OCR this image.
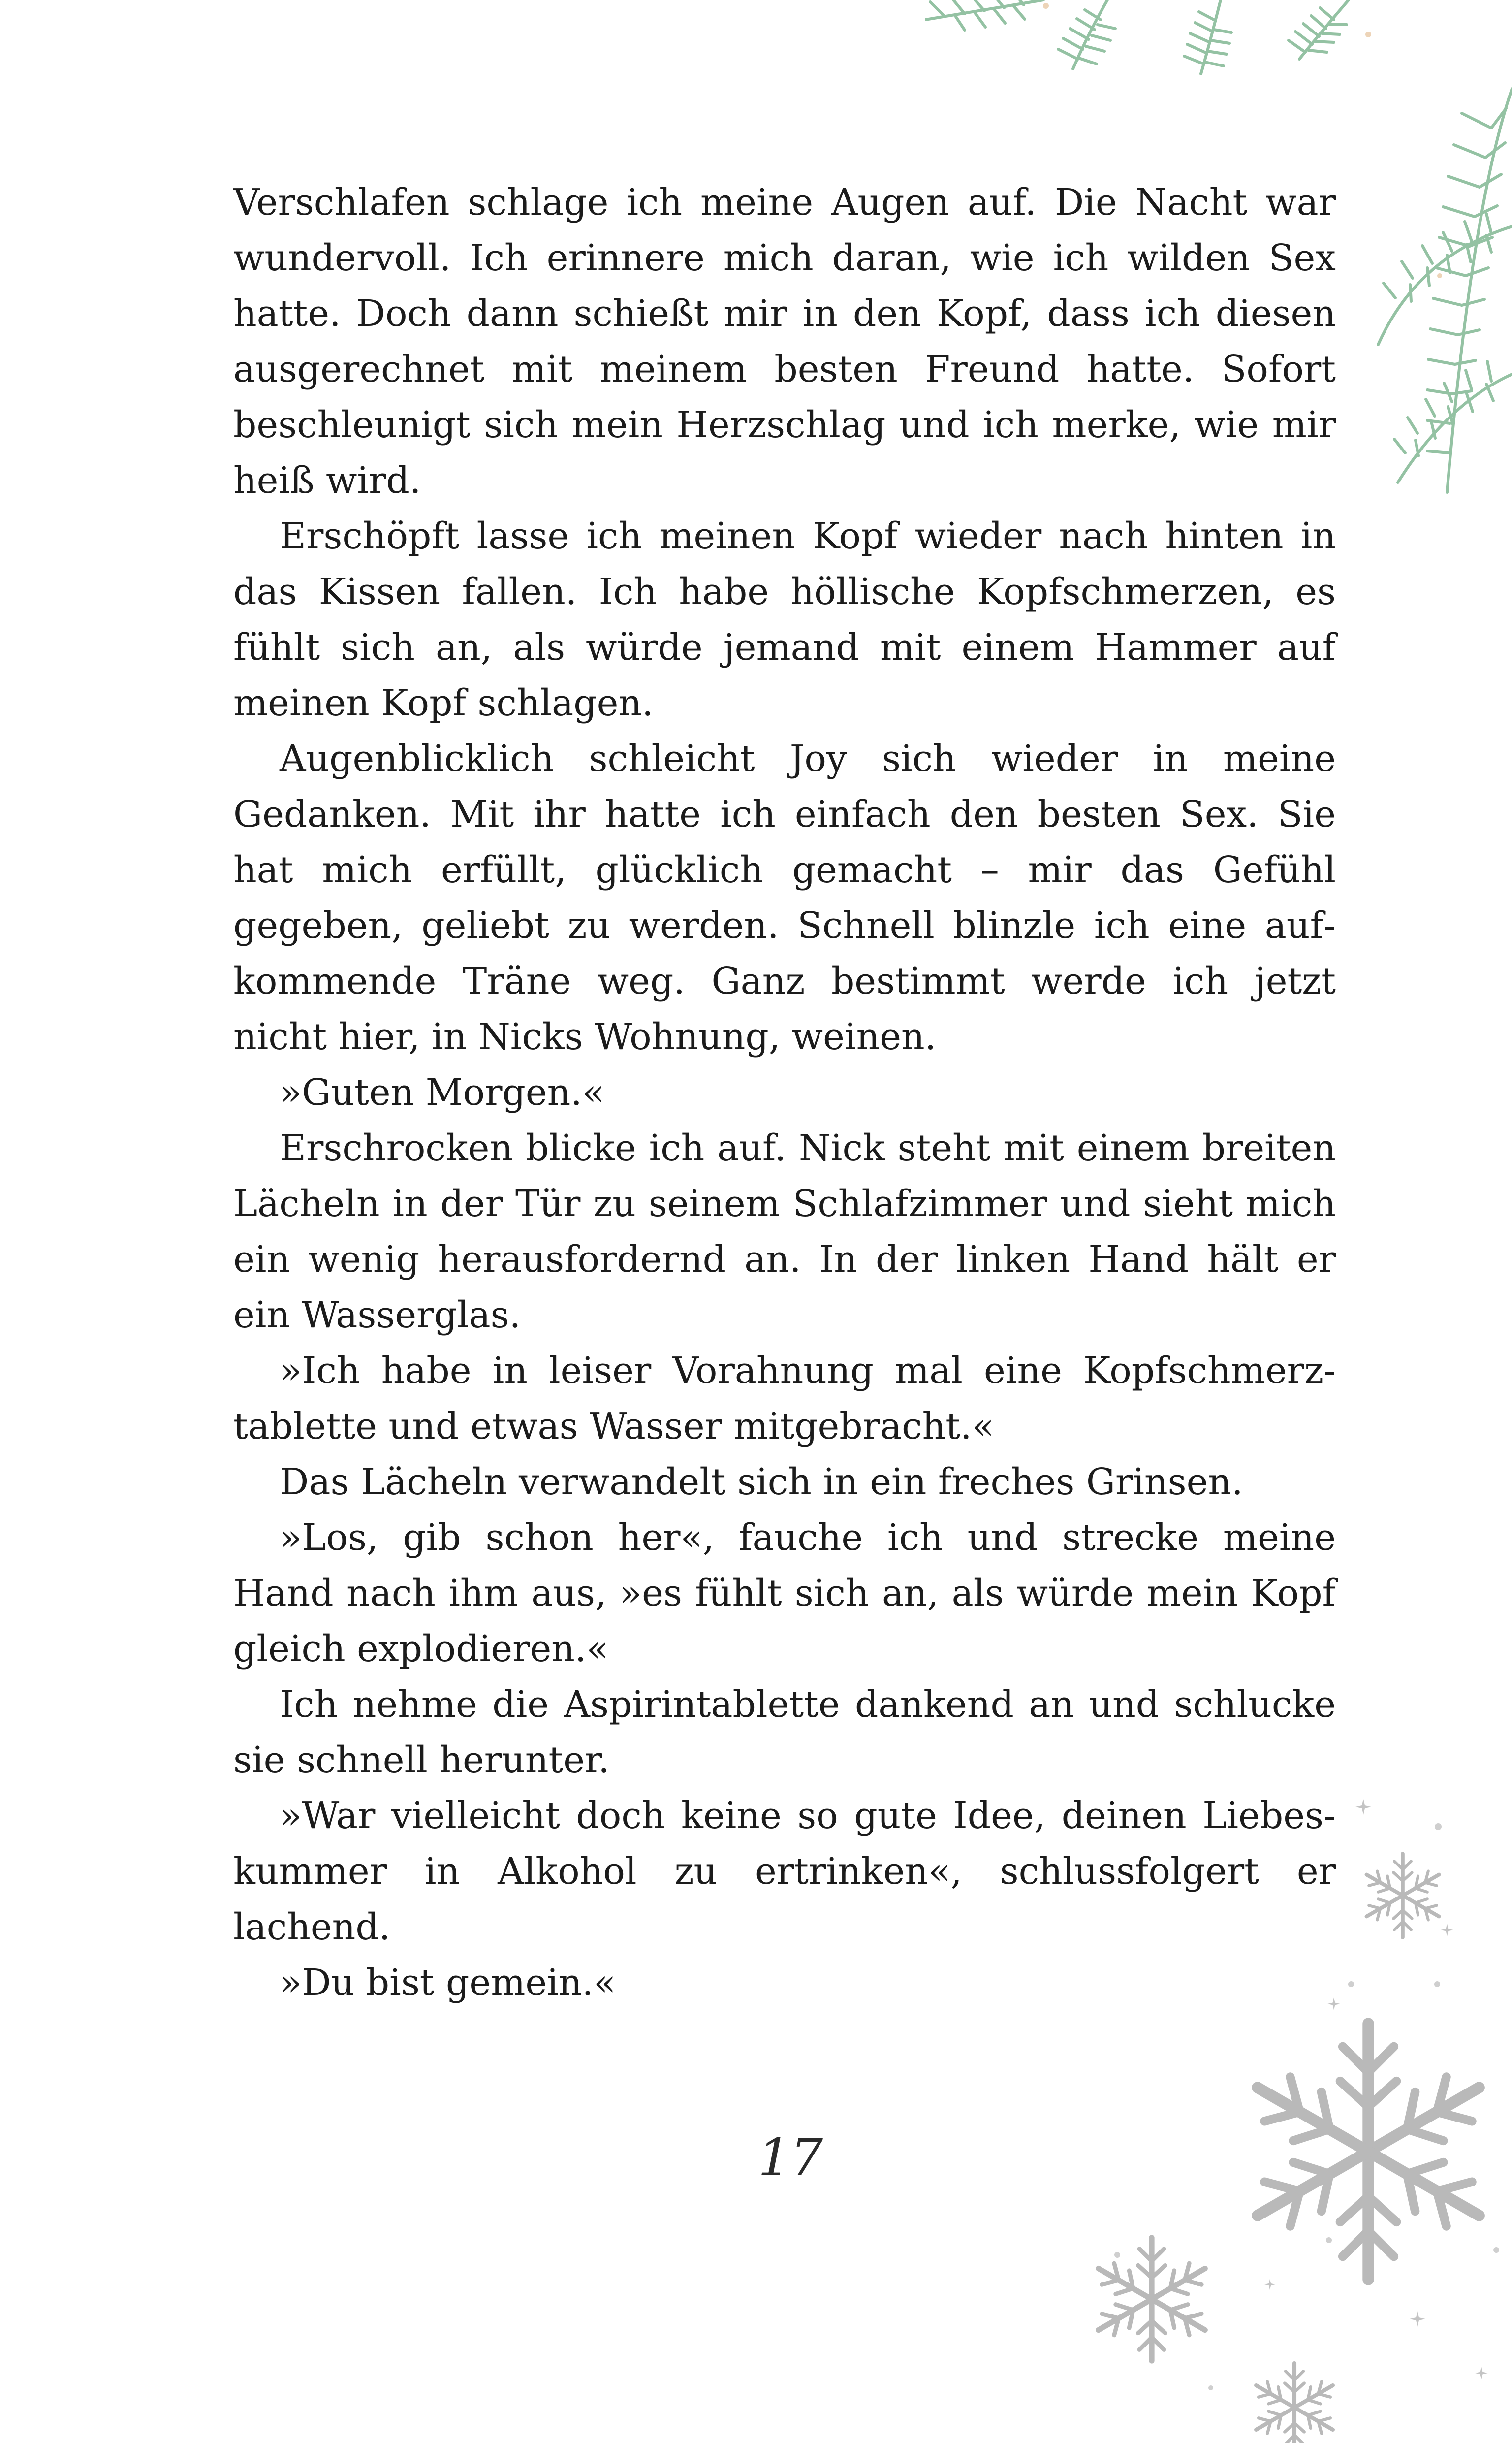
Verschlafen schlage ich meine Augen auf. Die Nacht war wundervoll. Ich erinnere mich daran, wie ich wilden Sex hatte. Doch dann schießt mir in den Kopf, dass ich diesen ausgerechnet mit meinem besten Freund hatte. Sofort beschleunigt sich mein Herzschlag und ich merke, wie mir heiß wird.

Erschöpft lasse ich meinen Kopf wieder nach hinten in das Kissen fallen. Ich habe höllische Kopfschmerzen, es fühlt sich an, als würde jemand mit einem Hammer auf meinen Kopf schlagen.

Augenblicklich schleicht Joy sich wieder in meine Gedanken. Mit ihr hatte ich einfach den besten Sex. Sie hat mich erfüllt, glücklich gemacht – mir das Gefühl gegeben, geliebt zu werden. Schnell blinzle ich eine aufkommende Träne weg. Ganz bestimmt werde ich jetzt nicht hier, in Nicks Wohnung, weinen.

»Guten Morgen.«

Erschrocken blicke ich auf. Nick steht mit einem breiten Lächeln in der Tür zu seinem Schlafzimmer und sieht mich ein wenig herausfordernd an. In der linken Hand hält er ein Wasserglas.

»Ich habe in leiser Vorahnung mal eine Kopfschmerztablette und etwas Wasser mitgebracht.«

Das Lächeln verwandelt sich in ein freches Grinsen.

»Los, gib schon her«, fauche ich und strecke meine Hand nach ihm aus, »es fühlt sich an, als würde mein Kopf gleich explodieren.«

Ich nehme die Aspirintablette dankend an und schlucke sie schnell herunter.

»War vielleicht doch keine so gute Idee, deinen Liebeskummer in Alkohol zu ertrinken«, schlussfolgert er lachend.

»Du bist gemein.«

17
